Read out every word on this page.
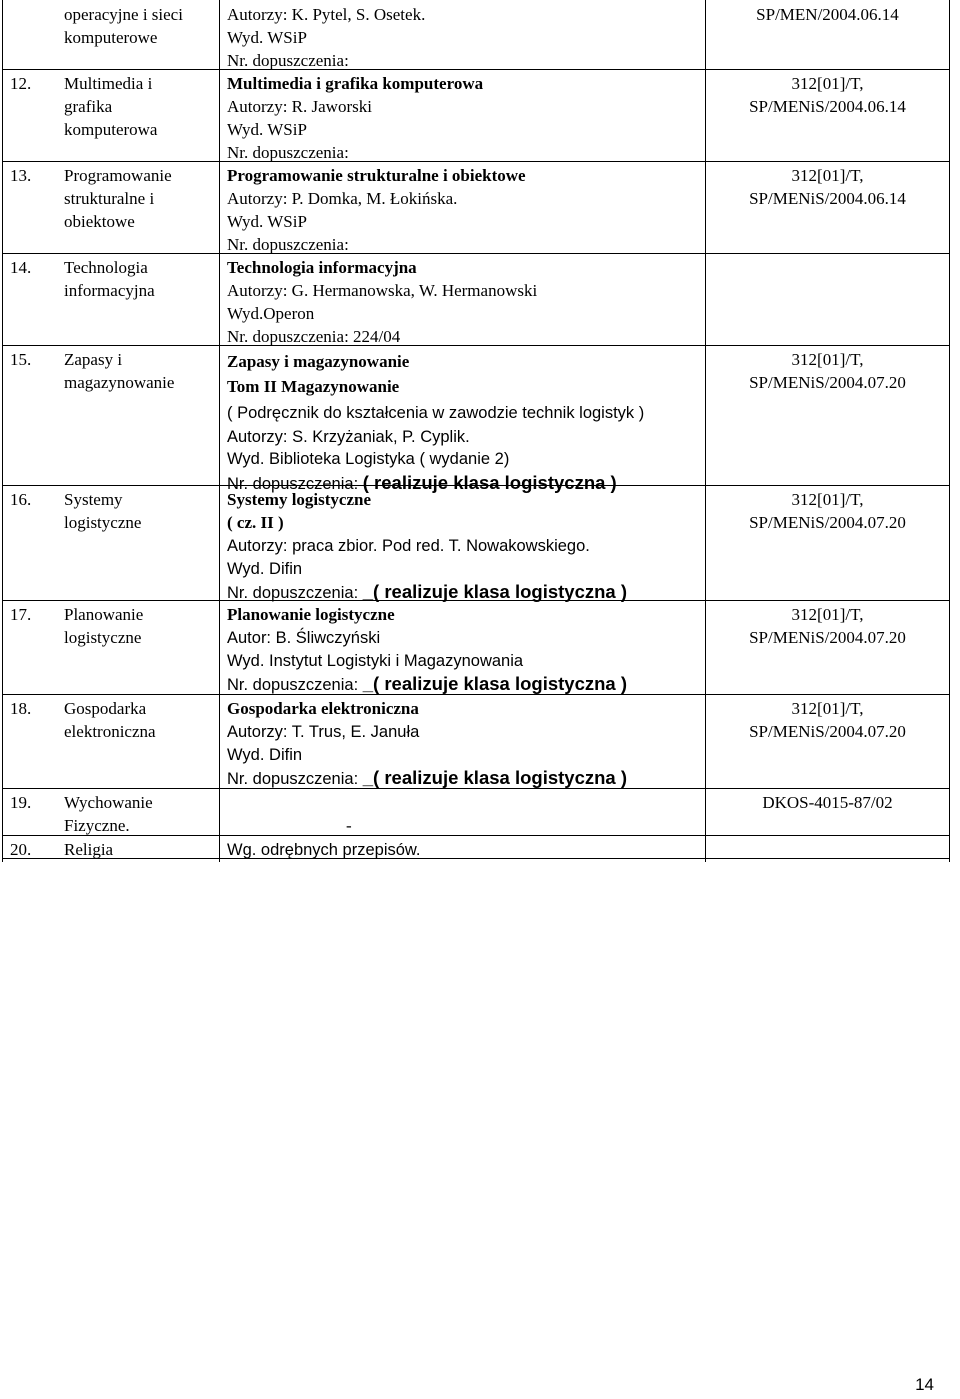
operacyjne i sieci
komputerowe
Autorzy: K. Pytel, S. Osetek.
Wyd. WSiP
Nr. dopuszczenia:
SP/MEN/2004.06.14
12. Multimedia i
grafika
komputerowa
Multimedia i grafika komputerowa
Autorzy: R. Jaworski
Wyd. WSiP
Nr. dopuszczenia:
312[01]/T,
SP/MENiS/2004.06.14
13. Programowanie
strukturalne i
obiektowe
Programowanie strukturalne i obiektowe
Autorzy: P. Domka, M. Łokińska.
Wyd. WSiP
Nr. dopuszczenia:
312[01]/T,
SP/MENiS/2004.06.14
14. Technologia
informacyjna
Technologia informacyjna
Autorzy: G. Hermanowska, W. Hermanowski
Wyd.Operon
Nr. dopuszczenia: 224/04
15. Zapasy i
magazynowanie
Zapasy i magazynowanie
Tom II Magazynowanie
( Podręcznik do kształcenia w zawodzie technik logistyk )
Autorzy: S. Krzyżaniak, P. Cyplik.
Wyd. Biblioteka Logistyka ( wydanie 2)
Nr. dopuszczenia: ( realizuje klasa logistyczna )
312[01]/T,
SP/MENiS/2004.07.20
16. Systemy
logistyczne
Systemy logistyczne
( cz. II )
Autorzy: praca zbior. Pod red. T. Nowakowskiego.
Wyd. Difin
Nr. dopuszczenia: _( realizuje klasa logistyczna )
312[01]/T,
SP/MENiS/2004.07.20
17. Planowanie
logistyczne
Planowanie logistyczne
Autor: B. Śliwczyński
Wyd. Instytut Logistyki i Magazynowania
Nr. dopuszczenia: _( realizuje klasa logistyczna )
312[01]/T,
SP/MENiS/2004.07.20
18. Gospodarka
elektroniczna
Gospodarka elektroniczna
Autorzy: T. Trus, E. Januła
Wyd. Difin
Nr. dopuszczenia: _( realizuje klasa logistyczna )
312[01]/T,
SP/MENiS/2004.07.20
19. Wychowanie
Fizyczne.	-
DKOS-4015-87/02
20. Religia	Wg. odrębnych przepisów.
14
